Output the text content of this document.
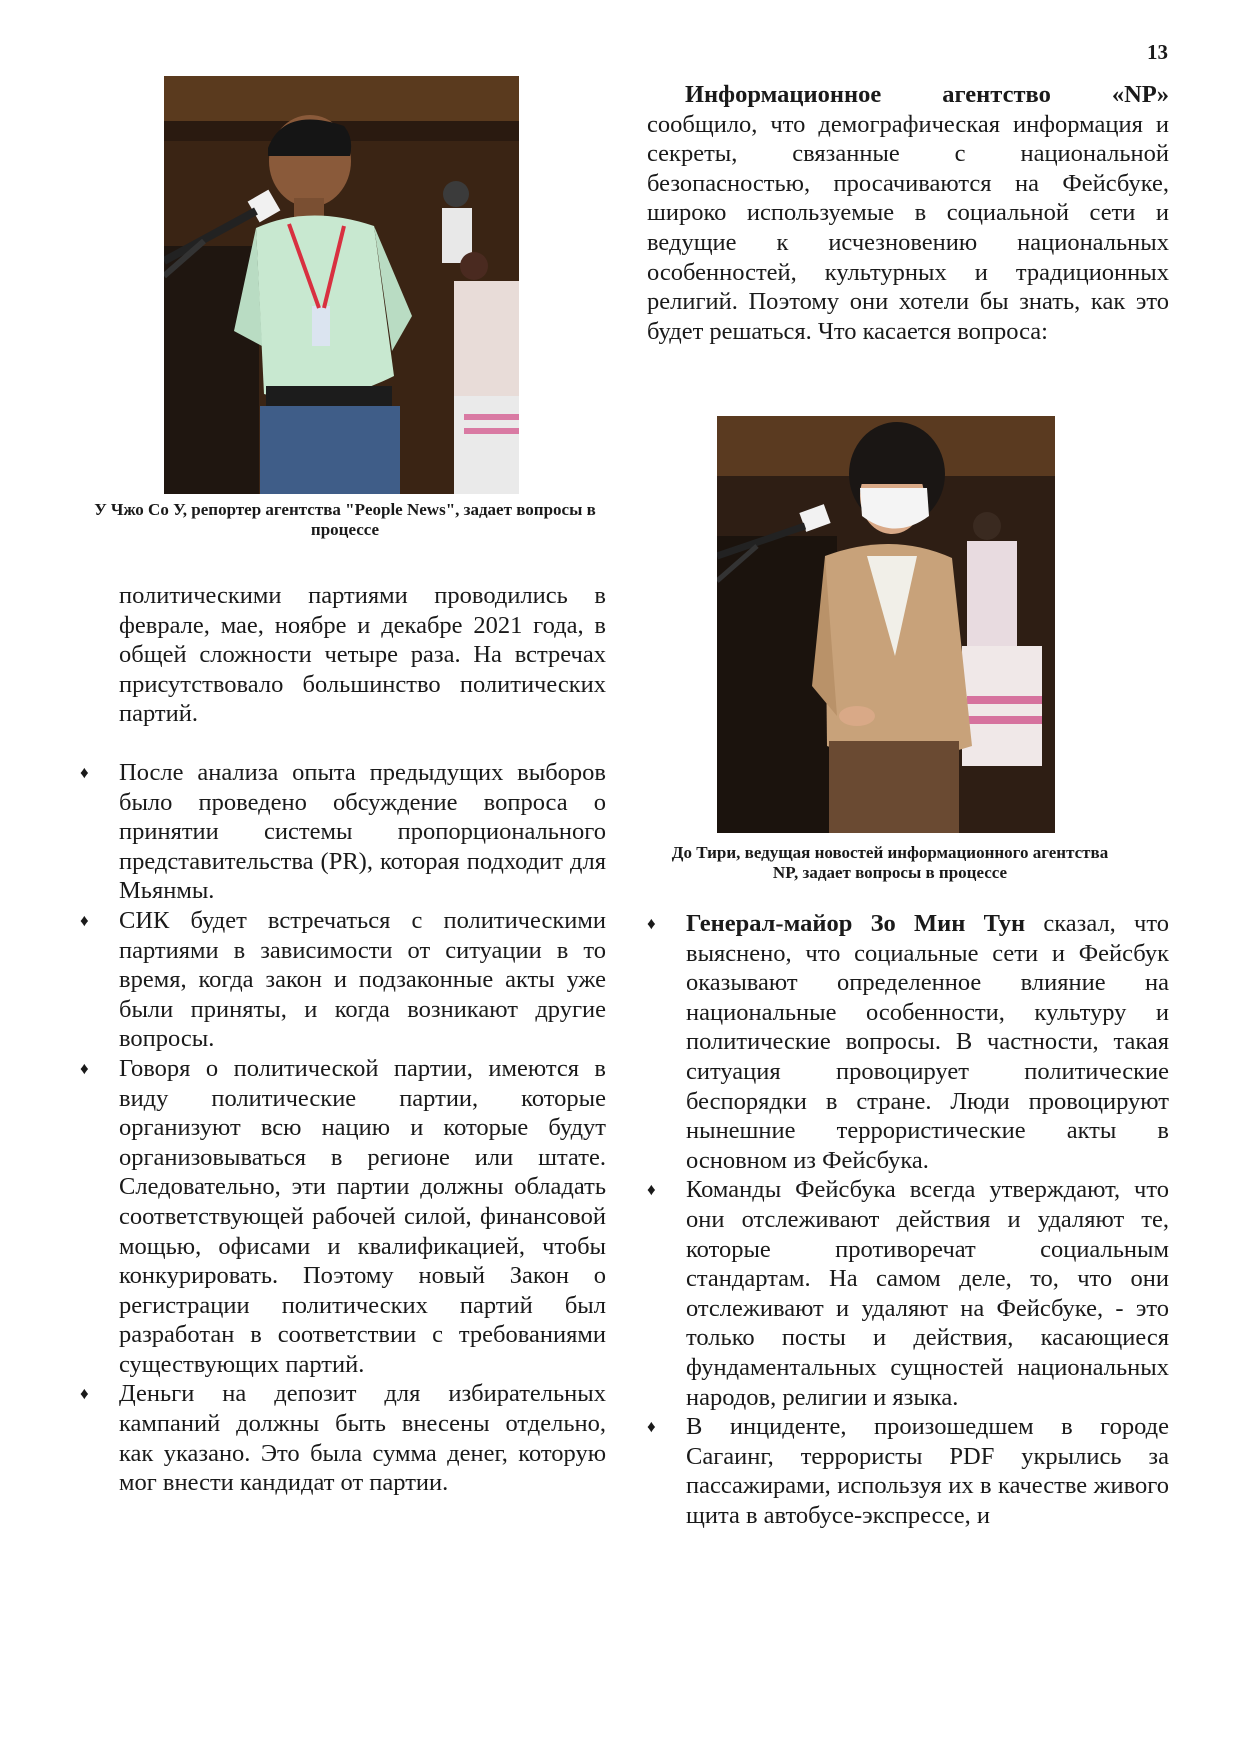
13
У Чжо Со У, репортер агентства "People News", задает вопросы в процессе

политическими партиями проводились в феврале, мае, ноябре и декабре 2021 года, в общей сложности четыре раза. На встречах присутствовало большинство политических партий.

♦ После анализа опыта предыдущих выборов было проведено обсуждение вопроса о принятии системы пропорционального представительства (PR), которая подходит для Мьянмы.

♦ СИК будет встречаться с политическими партиями в зависимости от ситуации в то время, когда закон и подзаконные акты уже были приняты, и когда возникают другие вопросы.

♦ Говоря о политической партии, имеются в виду политические партии, которые организуют всю нацию и которые будут организовываться в регионе или штате. Следовательно, эти партии должны обладать соответствующей рабочей силой, финансовой мощью, офисами и квалификацией, чтобы конкурировать. Поэтому новый Закон о регистрации политических партий был разработан в соответствии с требованиями существующих партий.

♦ Деньги на депозит для избирательных кампаний должны быть внесены отдельно, как указано. Это была сумма денег, которую мог внести кандидат от партии.

Информационное агентство «NP» сообщило, что демографическая информация и секреты, связанные с национальной безопасностью, просачиваются на Фейсбуке, широко используемые в социальной сети и ведущие к исчезновению национальных особенностей, культурных и традиционных религий. Поэтому они хотели бы знать, как это будет решаться. Что касается вопроса:

До Тири, ведущая новостей информационного агентства NP, задает вопросы в процессе

♦ Генерал-майор Зо Мин Тун сказал, что выяснено, что социальные сети и Фейсбук оказывают определенное влияние на национальные особенности, культуру и политические вопросы. В частности, такая ситуация провоцирует политические беспорядки в стране. Люди провоцируют нынешние террористические акты в основном из Фейсбука.

♦ Команды Фейсбука всегда утверждают, что они отслеживают действия и удаляют те, которые противоречат социальным стандартам. На самом деле, то, что они отслеживают и удаляют на Фейсбуке, - это только посты и действия, касающиеся фундаментальных сущностей национальных народов, религии и языка.

♦ В инциденте, произошедшем в городе Сагаинг, террористы PDF укрылись за пассажирами, используя их в качестве живого щита в автобусе-экспрессе, и
